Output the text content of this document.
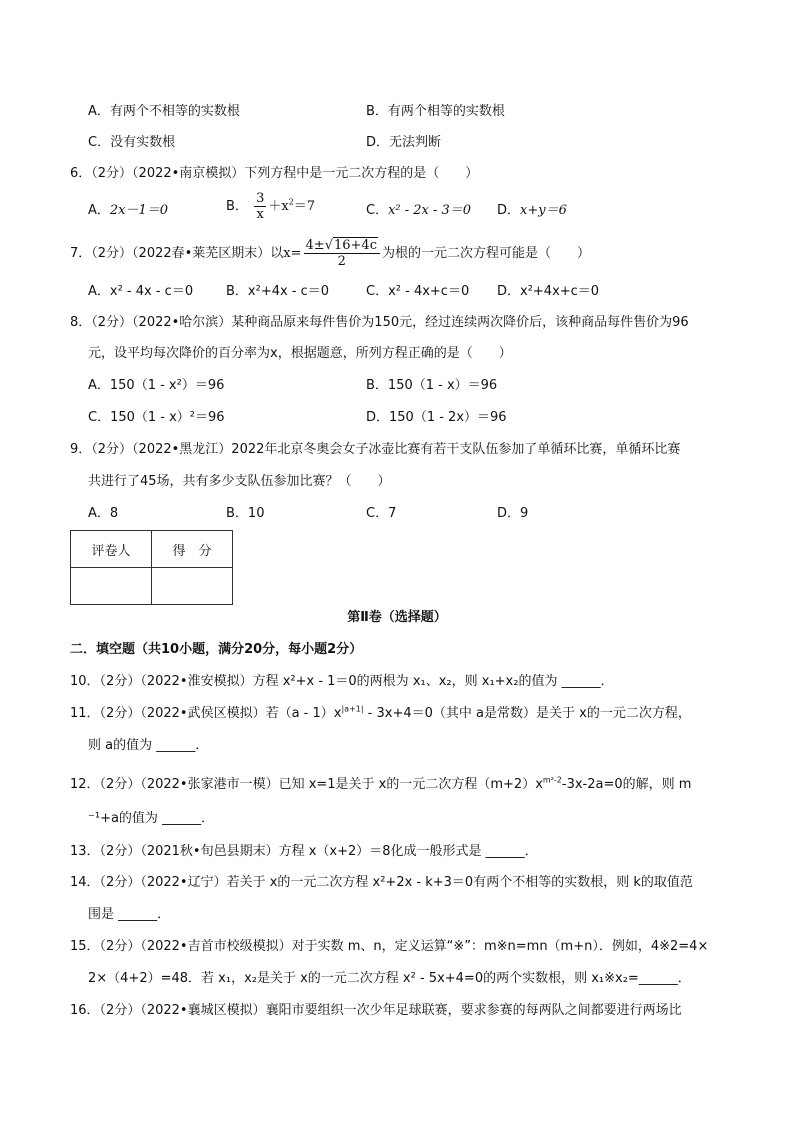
A．有两个不相等的实数根	B．有两个相等的实数根
C．没有实数根	D．无法判断
6．（2分）（2022•南京模拟）下列方程中是一元二次方程的是（　　）
A．2x－1＝0	B． $\frac{3}{x} +x^2=7$	C．x² - 2x - 3＝0 D．x+y＝6
7．（2分）（2022春•莱芜区期末）以$x= \frac{4\pm√16+4c}{2}$ 为根的一元二次方程可能是（　　）
A．x² - 4x - c＝0	B．x²+4x - c＝0	C．x² - 4x+c＝0 D．x²+4x+c＝0
8．（2分）（2022•哈尔滨）某种商品原来每件售价为150元，经过连续两次降价后，该种商品每件售价为96
元，设平均每次降价的百分率为x，根据题意，所列方程正确的是（　　）
A．150（1 - x²）＝96	B．150（1 - x）＝96
C．150（1 - x）²＝96	D．150（1 - 2x）＝96
9．（2分）（2022•黑龙江）2022年北京冬奥会女子冰壶比赛有若干支队伍参加了单循环比赛，单循环比赛
共进行了45场，共有多少支队伍参加比赛？（　　）
A．8	B．10	C．7	D．9
评卷人	得　分

第Ⅱ卷（选择题）
二．填空题（共10小题，满分20分，每小题2分）
10．（2分）（2022•淮安模拟）方程 x²+x - 1＝0的两根为 x₁、x₂，则 x₁+x₂的值为 ______．
11．（2分）（2022•武侯区模拟）若$(a - 1)x^{|a+1|} - 3x+4=0$（其中 a是常数）是关于 x的一元二次方程，
则 a的值为 ______．
12．（2分）（2022•张家港市一模）已知 x=1是关于 x的一元二次方程$(m+2)x^{m^2-2}-3x-2a=0$的解，则 m
⁻¹+a的值为 ______．
13．（2分）（2021秋•旬邑县期末）方程 x（x+2）＝8化成一般形式是 ______．
14．（2分）（2022•辽宁）若关于 x的一元二次方程 x²+2x - k+3＝0有两个不相等的实数根，则 k的取值范
围是 ______．
15．（2分）（2022•吉首市校级模拟）对于实数 m、n，定义运算“※”：m※n=mn（m+n）．例如，4※2=4×
2×（4+2）=48．若 x₁，x₂是关于 x的一元二次方程 x² - 5x+4=0的两个实数根，则 x₁※x₂=______．
16．（2分）（2022•襄城区模拟）襄阳市要组织一次少年足球联赛，要求参赛的每两队之间都要进行两场比
